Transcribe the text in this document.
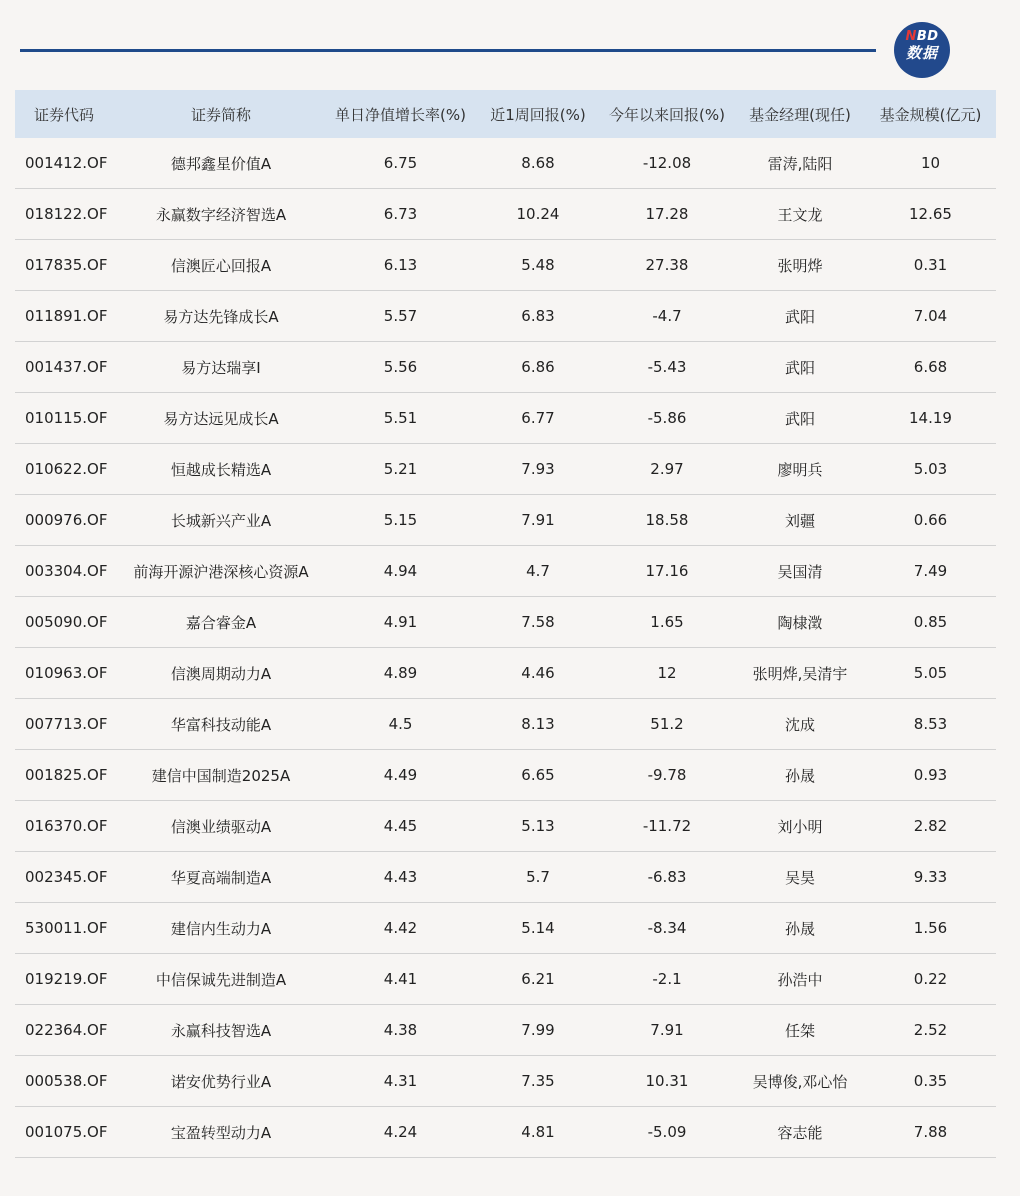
NBD
数据
证券代码	证券简称	单日净值增长率(%)	近1周回报(%)	今年以来回报(%)	基金经理(现任)	基金规模(亿元)
001412.OF	德邦鑫星价值A	6.75	8.68	-12.08	雷涛,陆阳	10
018122.OF	永赢数字经济智选A	6.73	10.24	17.28	王文龙	12.65
017835.OF	信澳匠心回报A	6.13	5.48	27.38	张明烨	0.31
011891.OF	易方达先锋成长A	5.57	6.83	-4.7	武阳	7.04
001437.OF	易方达瑞享I	5.56	6.86	-5.43	武阳	6.68
010115.OF	易方达远见成长A	5.51	6.77	-5.86	武阳	14.19
010622.OF	恒越成长精选A	5.21	7.93	2.97	廖明兵	5.03
000976.OF	长城新兴产业A	5.15	7.91	18.58	刘疆	0.66
003304.OF	前海开源沪港深核心资源A	4.94	4.7	17.16	吴国清	7.49
005090.OF	嘉合睿金A	4.91	7.58	1.65	陶棣澂	0.85
010963.OF	信澳周期动力A	4.89	4.46	12	张明烨,吴清宇	5.05
007713.OF	华富科技动能A	4.5	8.13	51.2	沈成	8.53
001825.OF	建信中国制造2025A	4.49	6.65	-9.78	孙晟	0.93
016370.OF	信澳业绩驱动A	4.45	5.13	-11.72	刘小明	2.82
002345.OF	华夏高端制造A	4.43	5.7	-6.83	吴昊	9.33
530011.OF	建信内生动力A	4.42	5.14	-8.34	孙晟	1.56
019219.OF	中信保诚先进制造A	4.41	6.21	-2.1	孙浩中	0.22
022364.OF	永赢科技智选A	4.38	7.99	7.91	任桀	2.52
000538.OF	诺安优势行业A	4.31	7.35	10.31	吴博俊,邓心怡	0.35
001075.OF	宝盈转型动力A	4.24	4.81	-5.09	容志能	7.88
